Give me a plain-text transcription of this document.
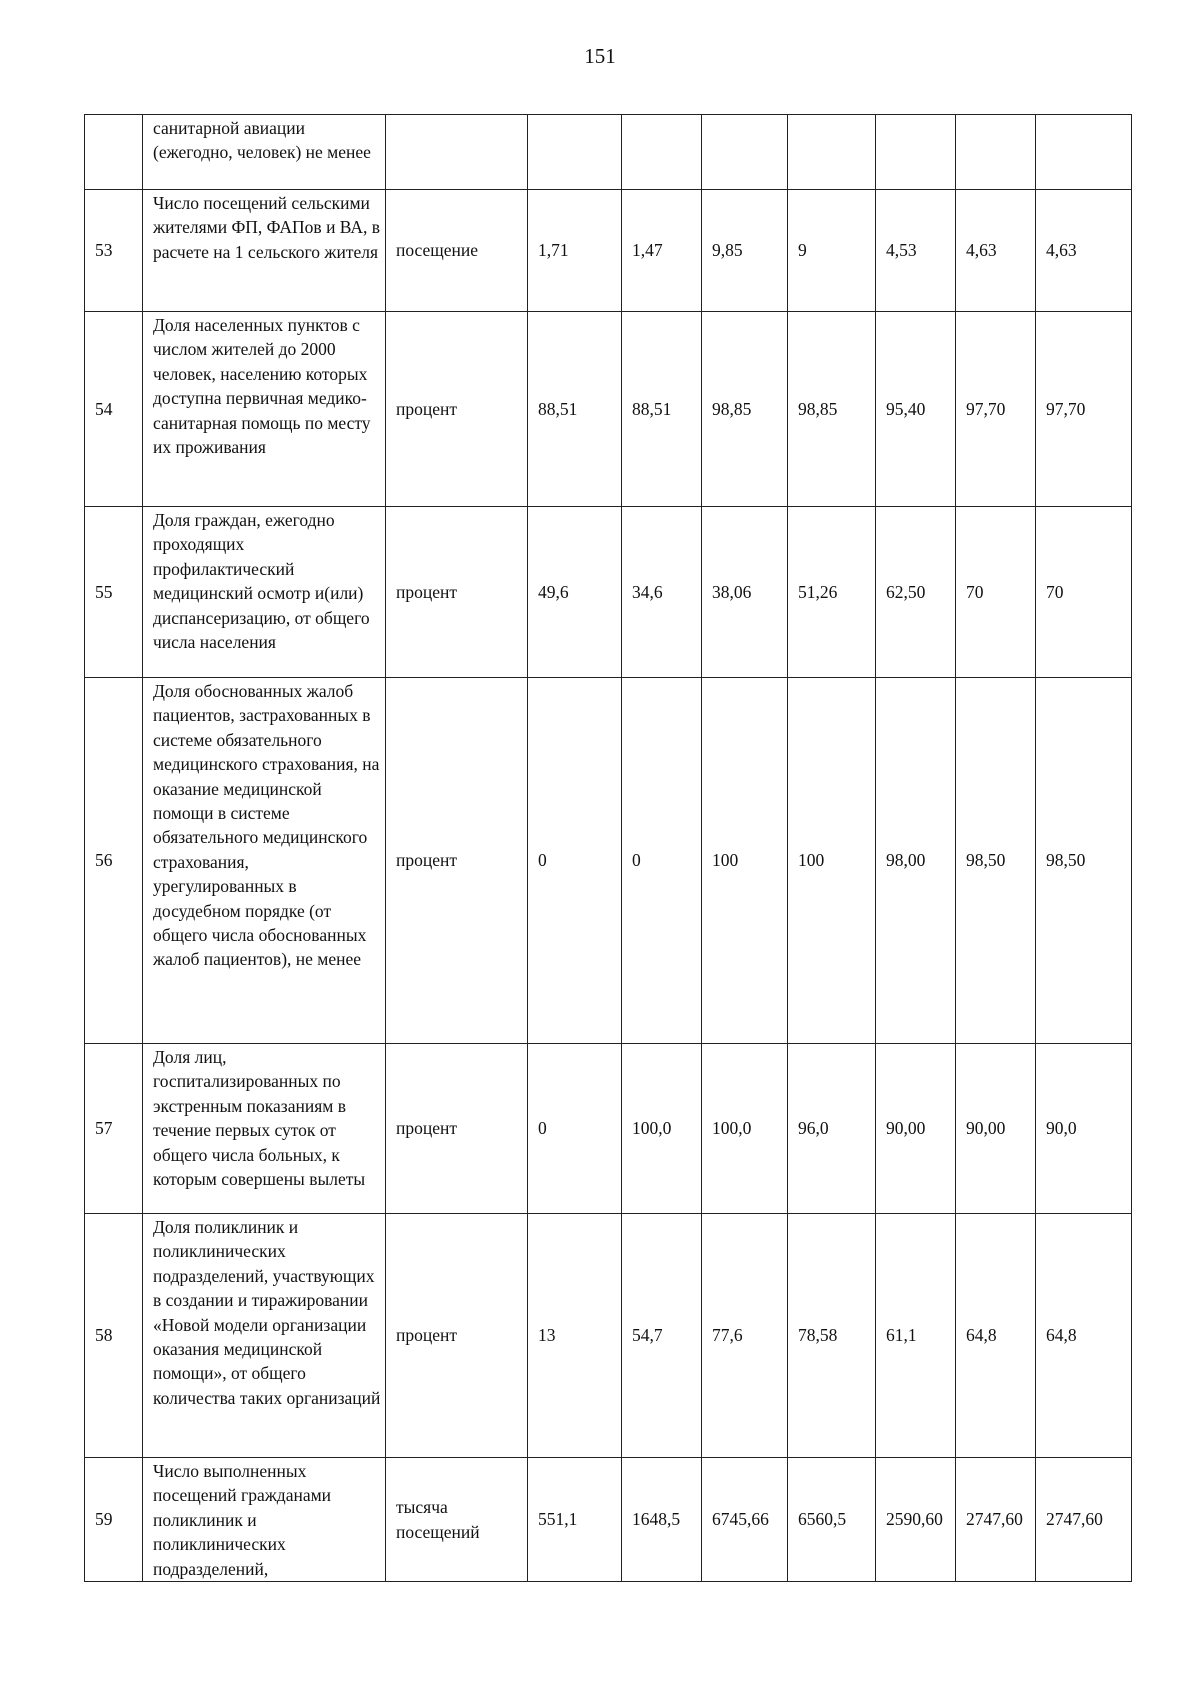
151
	санитарной авиации (ежегодно, человек) не менее								
53	Число посещений сельскими жителями ФП, ФАПов и ВА, в расчете на 1 сельского жителя	посещение	1,71	1,47	9,85	9	4,53	4,63	4,63
54	Доля населенных пунктов с числом жителей до 2000 человек, населению которых доступна первичная медико-санитарная помощь по месту их проживания	процент	88,51	88,51	98,85	98,85	95,40	97,70	97,70
55	Доля граждан, ежегодно проходящих профилактический медицинский осмотр и(или) диспансеризацию, от общего числа населения	процент	49,6	34,6	38,06	51,26	62,50	70	70
56	Доля обоснованных жалоб пациентов, застрахованных в системе обязательного медицинского страхования, на оказание медицинской помощи в системе обязательного медицинского страхования, урегулированных в досудебном порядке (от общего числа обоснованных жалоб пациентов), не менее	процент	0	0	100	100	98,00	98,50	98,50
57	Доля лиц, госпитализированных по экстренным показаниям в течение первых суток от общего числа больных, к которым совершены вылеты	процент	0	100,0	100,0	96,0	90,00	90,00	90,0
58	Доля поликлиник и поликлинических подразделений, участвующих в создании и тиражировании «Новой модели организации оказания медицинской помощи», от общего количества таких организаций	процент	13	54,7	77,6	78,58	61,1	64,8	64,8
59	Число выполненных посещений гражданами поликлиник и поликлинических подразделений,	тысяча посещений	551,1	1648,5	6745,66	6560,5	2590,60	2747,60	2747,60
